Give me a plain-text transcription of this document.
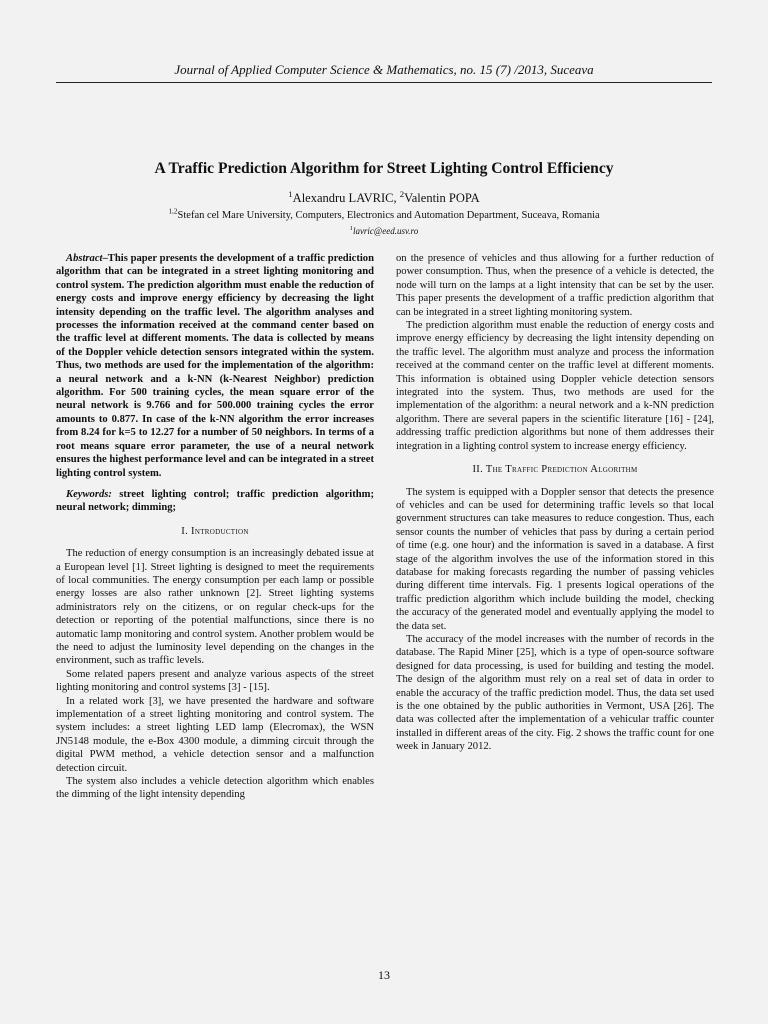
Journal of Applied Computer Science & Mathematics, no. 15 (7) /2013, Suceava
A Traffic Prediction Algorithm for Street Lighting Control Efficiency
$^1$Alexandru LAVRIC, $^2$Valentin POPA
$^{1,2}$Stefan cel Mare University, Computers, Electronics and Automation Department, Suceava, Romania
$^1$lavric@eed.usv.ro

Abstract–This paper presents the development of a traffic prediction algorithm that can be integrated in a street lighting monitoring and control system. The prediction algorithm must enable the reduction of energy costs and improve energy efficiency by decreasing the light intensity depending on the traffic level. The algorithm analyses and processes the information received at the command center based on the traffic level at different moments. The data is collected by means of the Doppler vehicle detection sensors integrated within the system. Thus, two methods are used for the implementation of the algorithm: a neural network and a k-NN (k-Nearest Neighbor) prediction algorithm. For 500 training cycles, the mean square error of the neural network is 9.766 and for 500.000 training cycles the error amounts to 0.877. In case of the k-NN algorithm the error increases from 8.24 for k=5 to 12.27 for a number of 50 neighbors. In terms of a root means square error parameter, the use of a neural network ensures the highest performance level and can be integrated in a street lighting control system.

Keywords: street lighting control; traffic prediction algorithm; neural network; dimming;

I. Introduction

The reduction of energy consumption is an increasingly debated issue at a European level [1]. Street lighting is designed to meet the requirements of local communities. The energy consumption per each lamp or possible energy losses are also rather unknown [2]. Street lighting systems administrators rely on the citizens, or on regular check-ups for the detection or reporting of the potential malfunctions, since there is no automatic lamp monitoring and control system. Another problem would be the need to adjust the luminosity level depending on the changes in the environment, such as traffic levels.

Some related papers present and analyze various aspects of the street lighting monitoring and control systems [3] - [15].

In a related work [3], we have presented the hardware and software implementation of a street lighting monitoring and control system. The system includes: a street lighting LED lamp (Elecromax), the WSN JN5148 module, the e-Box 4300 module, a dimming circuit through the digital PWM method, a vehicle detection sensor and a malfunction detection circuit.

The system also includes a vehicle detection algorithm which enables the dimming of the light intensity depending

on the presence of vehicles and thus allowing for a further reduction of power consumption. Thus, when the presence of a vehicle is detected, the node will turn on the lamps at a light intensity that can be set by the user. This paper presents the development of a traffic prediction algorithm that can be integrated in a street lighting monitoring system.

The prediction algorithm must enable the reduction of energy costs and improve energy efficiency by decreasing the light intensity depending on the traffic level. The algorithm must analyze and process the information received at the command center on the traffic level at different moments. This information is obtained using Doppler vehicle detection sensors integrated into the system. Thus, two methods are used for the implementation of the algorithm: a neural network and a k-NN prediction algorithm. There are several papers in the scientific literature [16] - [24], addressing traffic prediction algorithms but none of them addresses their integration in a lighting control system to increase energy efficiency.

II. The Traffic Prediction Algorithm

The system is equipped with a Doppler sensor that detects the presence of vehicles and can be used for determining traffic levels so that local government structures can take measures to reduce congestion. Thus, each sensor counts the number of vehicles that pass by during a certain period of time (e.g. one hour) and the information is saved in a database. A first stage of the algorithm involves the use of the information stored in this database for making forecasts regarding the number of passing vehicles during different time intervals. Fig. 1 presents logical operations of the traffic prediction algorithm which include building the model, checking the accuracy of the generated model and eventually applying the model to the data set.

The accuracy of the model increases with the number of records in the database. The Rapid Miner [25], which is a type of open-source software designed for data processing, is used for building and testing the model. The design of the algorithm must rely on a real set of data in order to enable the accuracy of the traffic prediction model. Thus, the data set used is the one obtained by the public authorities in Vermont, USA [26]. The data was collected after the implementation of a vehicular traffic counter installed in different areas of the city. Fig. 2 shows the traffic count for one week in January 2012.

13
